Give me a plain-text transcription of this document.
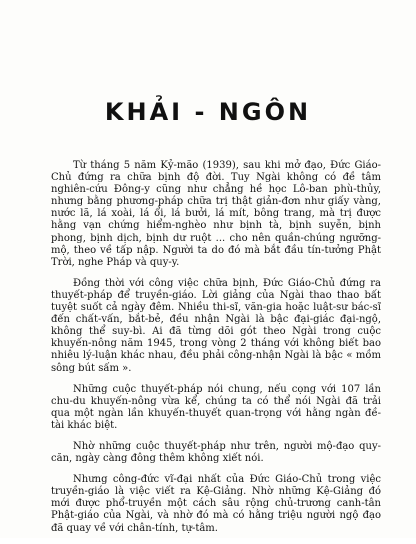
KHẢI - NGÔN

Từ tháng 5 năm Kỷ-mão (1939), sau khi mở đạo, Đức Giáo-Chủ đứng ra chữa bịnh độ đời. Tuy Ngài không có đề tâm nghiên-cứu Đông-y cũng như chẳng hề học Lô-ban phù-thủy, nhưng bằng phương-pháp chữa trị thật giản-đơn như giấy vàng, nước lã, lá xoài, lá ổi, lá bưởi, lá mít, bông trang, mà trị được hằng vạn chứng hiểm-nghèo như bịnh tà, bịnh suyễn, bịnh phong, bịnh dịch, bịnh dư ruột ... cho nên quần-chúng ngưỡng-mộ, theo về tấp nập. Người ta do đó mà bắt đầu tín-tưởng Phật Trời, nghe Pháp và quy-y.

Đồng thời với công việc chữa bịnh, Đức Giáo-Chủ đứng ra thuyết-pháp để truyền-giáo. Lời giảng của Ngài thao thao bất tuyệt suốt cả ngày đêm. Nhiều thi-sĩ, văn-gia hoặc luật-sư bác-sĩ đến chất-vấn, bắt-bẻ, đều nhận Ngài là bậc đại-giác đại-ngộ, không thể suy-bì. Ai đã từng dõi gót theo Ngài trong cuộc khuyến-nông năm 1945, trong vòng 2 tháng với không biết bao nhiêu lý-luận khác nhau, đều phải công-nhận Ngài là bậc « mồm sông bút sấm ».

Những cuộc thuyết-pháp nói chung, nếu cọng với 107 lần chu-du khuyến-nông vừa kể, chúng ta có thể nói Ngài đã trải qua một ngàn lần khuyến-thuyết quan-trọng với hằng ngàn đề-tài khác biệt.

Nhờ những cuộc thuyết-pháp như trên, người mộ-đạo quy-căn, ngày càng đông thêm không xiết nói.

Nhưng công-đức vĩ-đại nhất của Đức Giáo-Chủ trong việc truyền-giáo là việc viết ra Kệ-Giảng. Nhờ những Kệ-Giảng đó mới được phổ-truyền một cách sâu rộng chủ-trương canh-tân Phật-giáo của Ngài, và nhờ đó mà có hằng triệu người ngộ đạo đã quay về với chân-tính, tự-tâm.
